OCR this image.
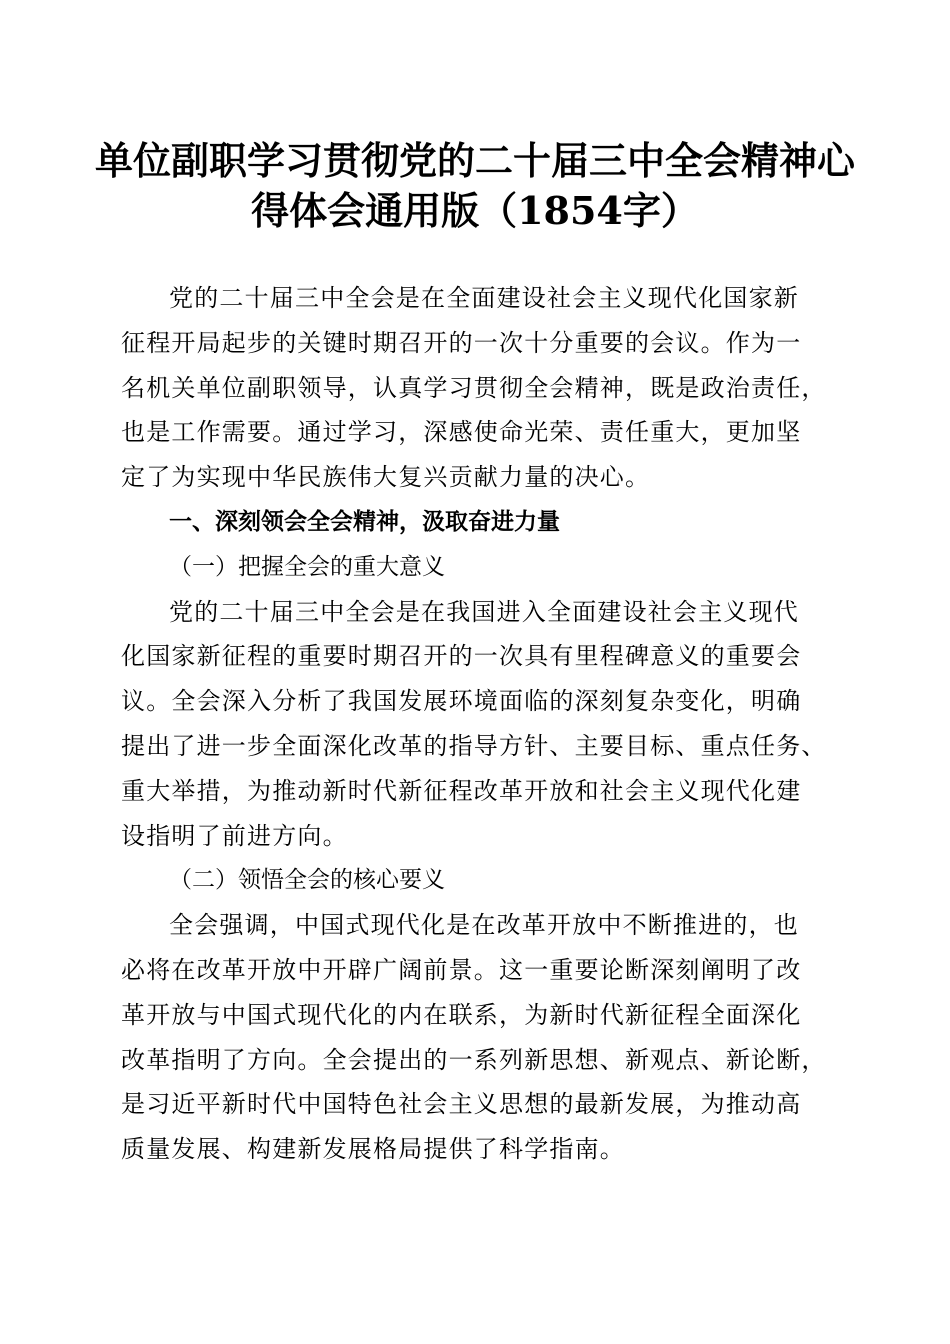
单位副职学习贯彻党的二十届三中全会精神心
得体会通用版（1854字）

党的二十届三中全会是在全面建设社会主义现代化国家新
征程开局起步的关键时期召开的一次十分重要的会议。作为一
名机关单位副职领导，认真学习贯彻全会精神，既是政治责任，
也是工作需要。通过学习，深感使命光荣、责任重大，更加坚
定了为实现中华民族伟大复兴贡献力量的决心。

一、深刻领会全会精神，汲取奋进力量
（一）把握全会的重大意义

党的二十届三中全会是在我国进入全面建设社会主义现代
化国家新征程的重要时期召开的一次具有里程碑意义的重要会
议。全会深入分析了我国发展环境面临的深刻复杂变化，明确
提出了进一步全面深化改革的指导方针、主要目标、重点任务、
重大举措，为推动新时代新征程改革开放和社会主义现代化建
设指明了前进方向。

（二）领悟全会的核心要义

全会强调，中国式现代化是在改革开放中不断推进的，也
必将在改革开放中开辟广阔前景。这一重要论断深刻阐明了改
革开放与中国式现代化的内在联系，为新时代新征程全面深化
改革指明了方向。全会提出的一系列新思想、新观点、新论断，
是习近平新时代中国特色社会主义思想的最新发展，为推动高
质量发展、构建新发展格局提供了科学指南。
